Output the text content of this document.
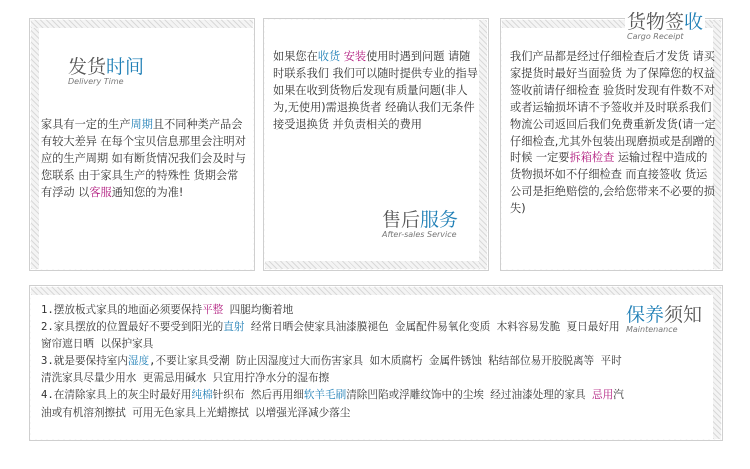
发货时间
Delivery Time
家具有一定的生产周期且不同种类产品会有较大差异 在每个宝贝信息那里会注明对应的生产周期 如有断货情况我们会及时与您联系 由于家具生产的特殊性 货期会常有浮动 以客服通知您的为准!
如果您在收货 安装使用时遇到问题 请随时联系我们 我们可以随时提供专业的指导 如果在收到货物后发现有质量问题(非人为,无使用)需退换货者 经确认我们无条件接受退换货 并负责相关的费用
售后服务
After-sales Service
货物签收
Cargo Receipt
我们产品都是经过仔细检查后才发货 请买家提货时最好当面验货 为了保障您的权益 签收前请仔细检查 验货时发现有件数不对或者运输损坏请不予签收并及时联系我们物流公司返回后我们免费重新发货(请一定仔细检查,尤其外包装出现磨损或是刮蹭的时候 一定要拆箱检查 运输过程中造成的货物损坏如不仔细检查 而直接签收 货运公司是拒绝赔偿的,会给您带来不必要的损失)
保养须知
Maintenance
1.摆放板式家具的地面必须要保持平整 四腿均衡着地
2.家具摆放的位置最好不要受到阳光的直射 经常日晒会使家具油漆膜褪色 金属配件易氧化变质 木料容易发脆 夏日最好用窗帘遮日晒 以保护家具
3.就是要保持室内湿度,不要让家具受潮 防止因湿度过大而伤害家具 如木质腐朽 金属件锈蚀 粘结部位易开胶脱离等 平时清洗家具尽量少用水 更需忌用碱水 只宜用拧净水分的湿布擦
4.在清除家具上的灰尘时最好用纯棉针织布 然后再用细软羊毛刷清除凹陷或浮雕纹饰中的尘埃 经过油漆处理的家具 忌用汽油或有机溶剂擦拭 可用无色家具上光蜡擦拭 以增强光泽减少落尘
